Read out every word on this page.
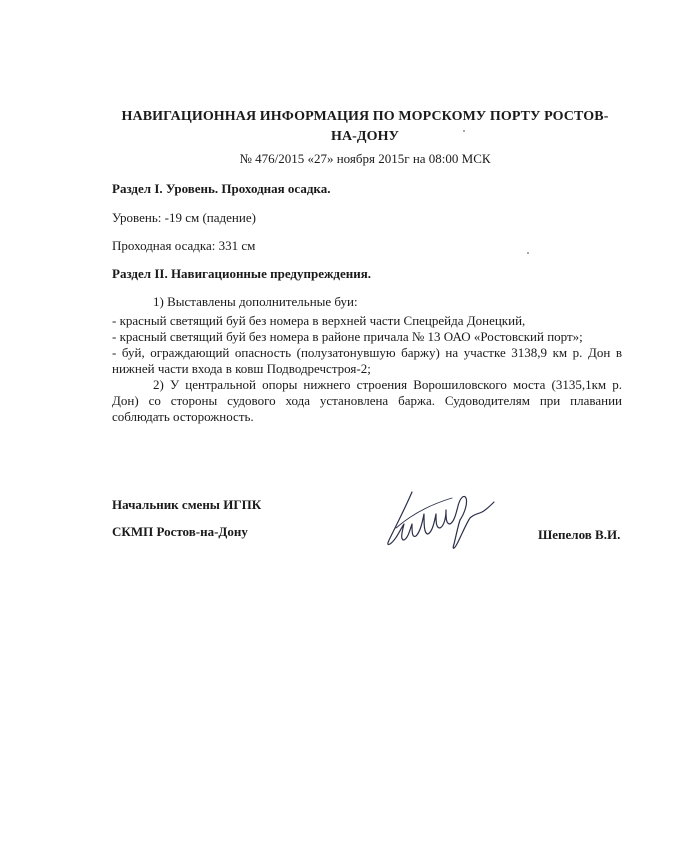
НАВИГАЦИОННАЯ ИНФОРМАЦИЯ ПО МОРСКОМУ ПОРТУ РОСТОВ-НА-ДОНУ
№ 476/2015 «27» ноября 2015г на 08:00 МСК
Раздел I. Уровень. Проходная осадка.
Уровень: -19 см (падение)
Проходная осадка: 331 см
Раздел II. Навигационные предупреждения.
1) Выставлены дополнительные буи:
- красный светящий буй без номера в верхней части Спецрейда Донецкий,
- красный светящий буй без номера в районе причала № 13 ОАО «Ростовский порт»;
- буй, ограждающий опасность (полузатонувшую баржу) на участке 3138,9 км р. Дон в нижней части входа в ковш Подводречстроя-2;
2) У центральной опоры нижнего строения Ворошиловского моста (3135,1км р. Дон) со стороны судового хода установлена баржа. Судоводителям при плавании соблюдать осторожность.
Начальник смены ИГПК
СКМП Ростов-на-Дону	Шепелов В.И.
